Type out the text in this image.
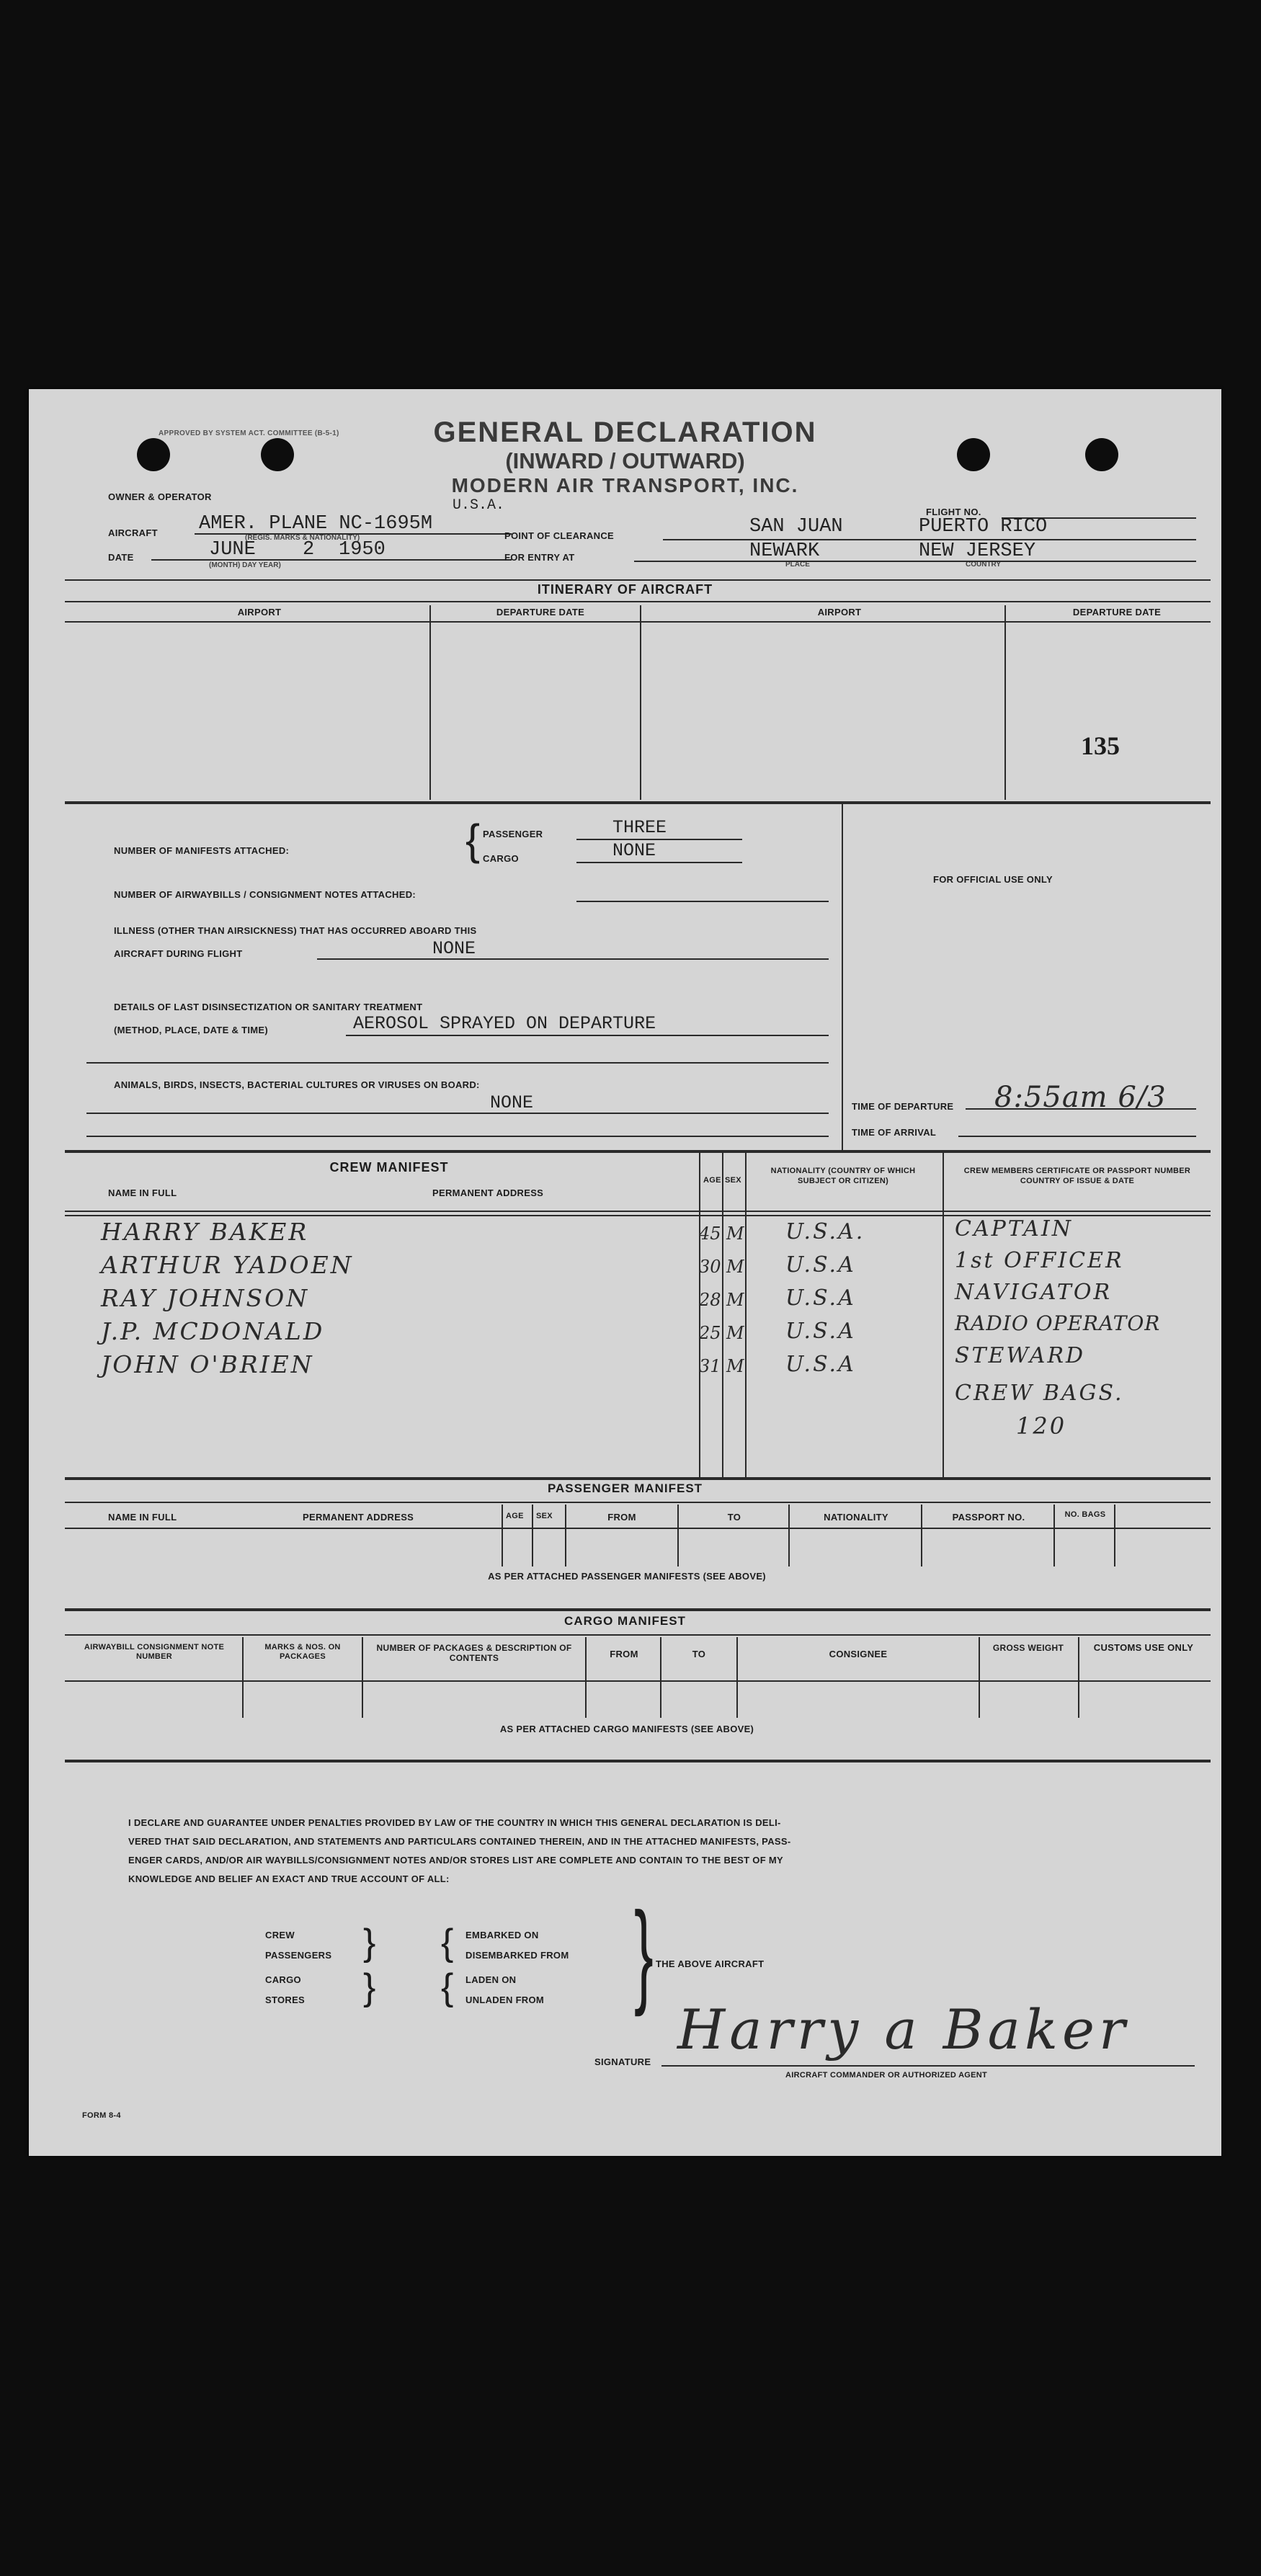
APPROVED BY SYSTEM ACT. COMMITTEE (B-5-1)	GENERAL DECLARATION
(INWARD / OUTWARD)
MODERN AIR TRANSPORT, INC.
OWNER & OPERATOR
AIRCRAFT AMER. PLANE NC-1695M
U.S.A.
(REGIS. MARKS & NATIONALITY)
DATE	JUNE 2 1950
(MONTH) DAY YEAR)
FLIGHT NO.
POINT OF CLEARANCE	SAN JUAN	PUERTO RICO
FOR ENTRY AT	NEWARK	NEW JERSEY
PLACE	COUNTRY
ITINERARY OF AIRCRAFT
AIRPORT	DEPARTURE DATE	AIRPORT	DEPARTURE DATE
135
NUMBER OF MANIFESTS ATTACHED:	{ PASSENGER	THREE
CARGO	NONE
NUMBER OF AIRWAYBILLS / CONSIGNMENT NOTES ATTACHED:
ILLNESS (OTHER THAN AIRSICKNESS) THAT HAS OCCURRED ABOARD THIS
AIRCRAFT DURING FLIGHT	NONE
DETAILS OF LAST DISINSECTIZATION OR SANITARY TREATMENT
(METHOD, PLACE, DATE & TIME)	AEROSOL SPRAYED ON DEPARTURE
ANIMALS, BIRDS, INSECTS, BACTERIAL CULTURES OR VIRUSES ON BOARD:
NONE
FOR OFFICIAL USE ONLY
TIME OF DEPARTURE 8:55am 6/3
TIME OF ARRIVAL
CREW MANIFEST
NAME IN FULL	PERMANENT ADDRESS
AGE SEX
NATIONALITY (COUNTRY OF WHICH SUBJECT OR CITIZEN)
CREW MEMBERS CERTIFICATE OR PASSPORT NUMBER COUNTRY OF ISSUE & DATE
HARRY BAKER	45 M U.S.A.	CAPTAIN
ARTHUR YADOEN	30 M U.S.A	1st OFFICER
RAY JOHNSON	28 M U.S.A	NAVIGATOR
J.P. MCDONALD	25 M U.S.A	RADIO OPERATOR
JOHN O'BRIEN	31 M U.S.A	STEWARD
CREW BAGS.
120
PASSENGER MANIFEST
NAME IN FULL	PERMANENT ADDRESS	AGE SEX	FROM	TO	NATIONALITY	PASSPORT NO.	NO. BAGS
AS PER ATTACHED PASSENGER MANIFESTS (SEE ABOVE)
CARGO MANIFEST
AIRWAYBILL CONSIGNMENT NOTE NUMBER
MARKS & NOS. ON PACKAGES
NUMBER OF PACKAGES & DESCRIPTION OF CONTENTS	FROM	TO	CONSIGNEE
GROSS WEIGHT	CUSTOMS USE ONLY
AS PER ATTACHED CARGO MANIFESTS (SEE ABOVE)
I DECLARE AND GUARANTEE UNDER PENALTIES PROVIDED BY LAW OF THE COUNTRY IN WHICH THIS GENERAL DECLARATION IS DELI-
VERED THAT SAID DECLARATION, AND STATEMENTS AND PARTICULARS CONTAINED THEREIN, AND IN THE ATTACHED MANIFESTS, PASS-
ENGER CARDS, AND/OR AIR WAYBILLS/CONSIGNMENT NOTES AND/OR STORES LIST ARE COMPLETE AND CONTAIN TO THE BEST OF MY
KNOWLEDGE AND BELIEF AN EXACT AND TRUE ACCOUNT OF ALL:
CREW
PASSENGERS
CARGO
STORES
}
}
{
{
EMBARKED ON
DISEMBARKED FROM
LADEN ON
UNLADEN FROM } THE ABOVE AIRCRAFT
SIGNATURE
Harry a Baker
AIRCRAFT COMMANDER OR AUTHORIZED AGENT
FORM 8-4
